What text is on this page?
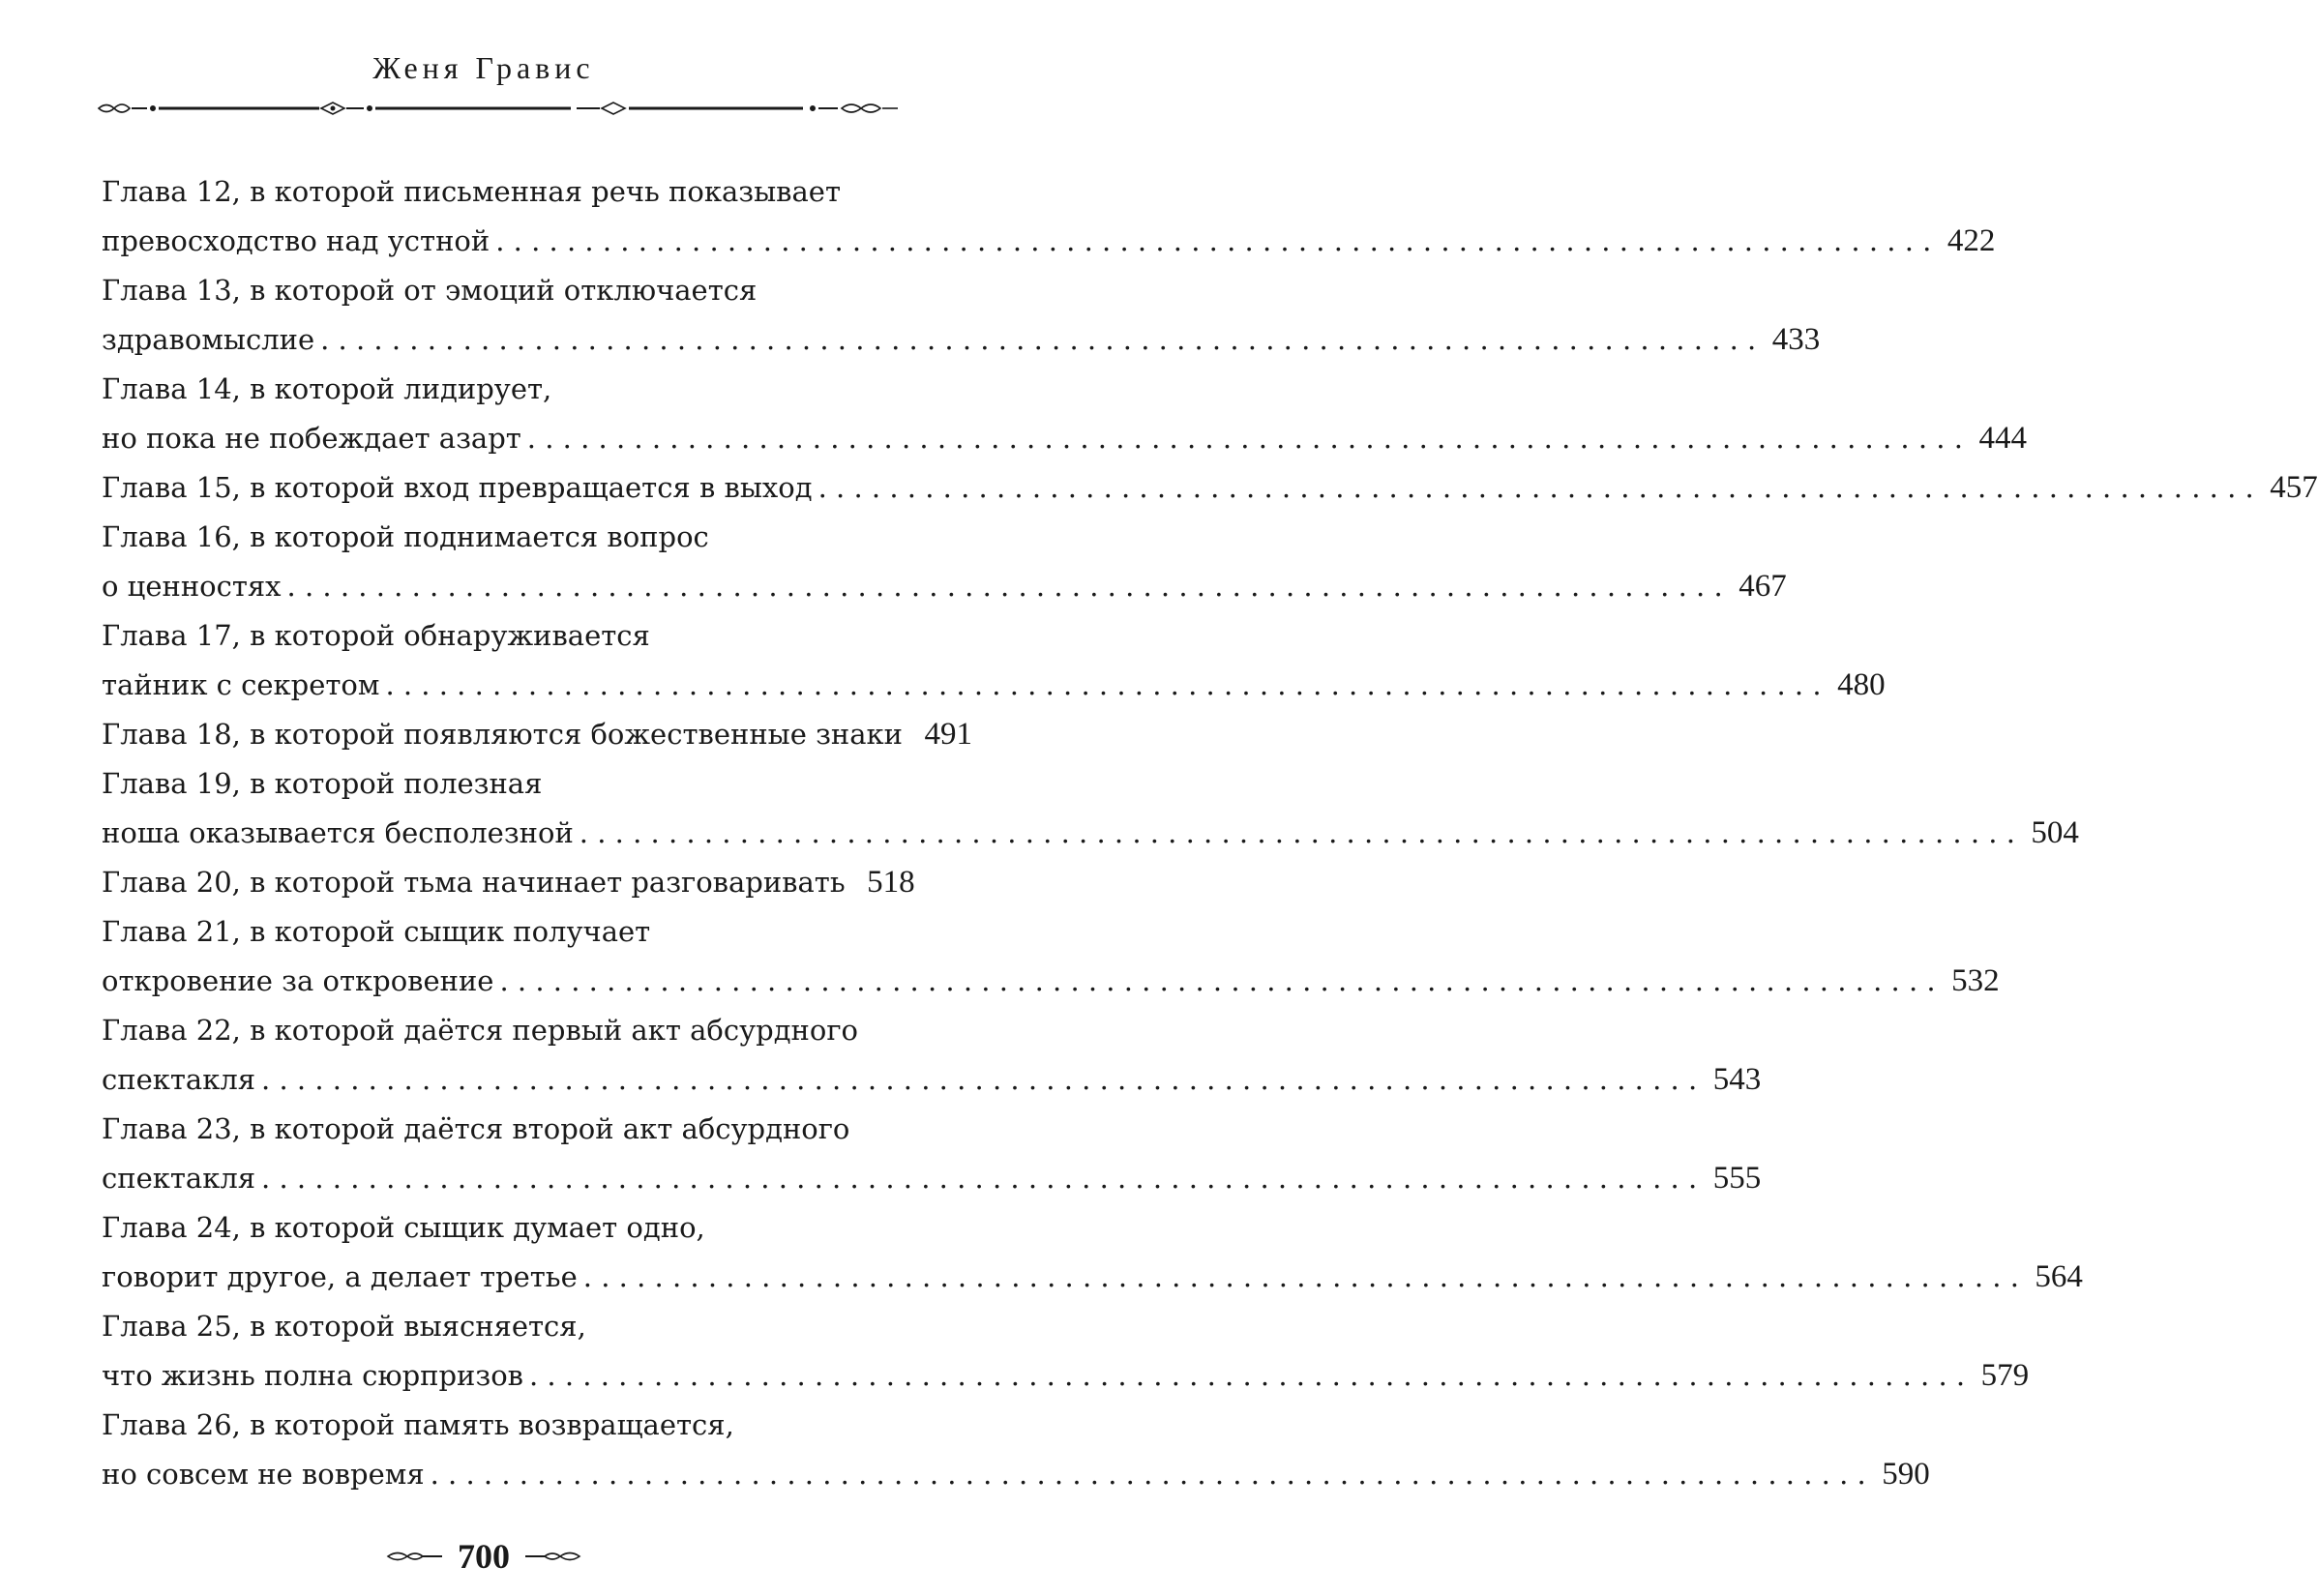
Женя Гравис
Глава 12, в которой письменная речь показывает
превосходство над устной . . .	422
Глава 13, в которой от эмоций отключается
здравомыслие . . .	433
Глава 14, в которой лидирует,
но пока не побеждает азарт . . .	444
Глава 15, в которой вход превращается в выход . . .	457
Глава 16, в которой поднимается вопрос
о ценностях . . .	467
Глава 17, в которой обнаруживается
тайник с секретом . . .	480
Глава 18, в которой появляются божественные знаки 491
Глава 19, в которой полезная
ноша оказывается бесполезной . . .	504
Глава 20, в которой тьма начинает разговаривать 518
Глава 21, в которой сыщик получает
откровение за откровение . . .	532
Глава 22, в которой даётся первый акт абсурдного
спектакля . . .	543
Глава 23, в которой даётся второй акт абсурдного
спектакля . . .	555
Глава 24, в которой сыщик думает одно,
говорит другое, а делает третье . . .	564
Глава 25, в которой выясняется,
что жизнь полна сюрпризов . . .	579
Глава 26, в которой память возвращается,
но совсем не вовремя . . .	590
700
